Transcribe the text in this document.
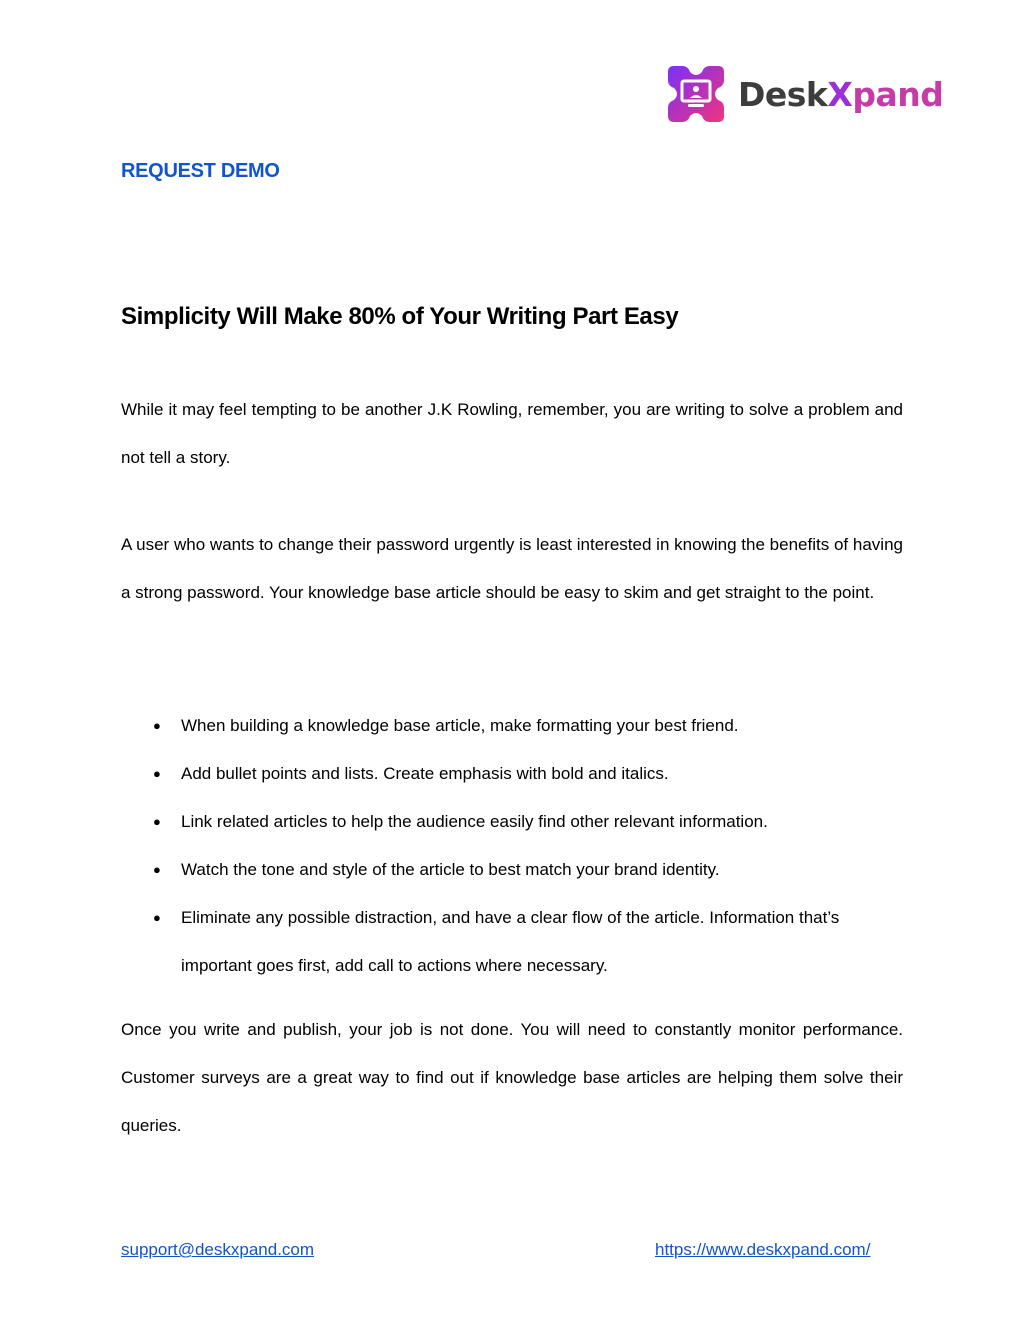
DeskXpand
REQUEST DEMO
Simplicity Will Make 80% of Your Writing Part Easy

While it may feel tempting to be another J.K Rowling, remember, you are writing to solve a problem and not tell a story.

A user who wants to change their password urgently is least interested in knowing the benefits of having a strong password. Your knowledge base article should be easy to skim and get straight to the point.

● When building a knowledge base article, make formatting your best friend.
● Add bullet points and lists. Create emphasis with bold and italics.
● Link related articles to help the audience easily find other relevant information.
● Watch the tone and style of the article to best match your brand identity.
● Eliminate any possible distraction, and have a clear flow of the article. Information that’s important goes first, add call to actions where necessary.

Once you write and publish, your job is not done. You will need to constantly monitor performance. Customer surveys are a great way to find out if knowledge base articles are helping them solve their queries.

support@deskxpand.com	https://www.deskxpand.com/
